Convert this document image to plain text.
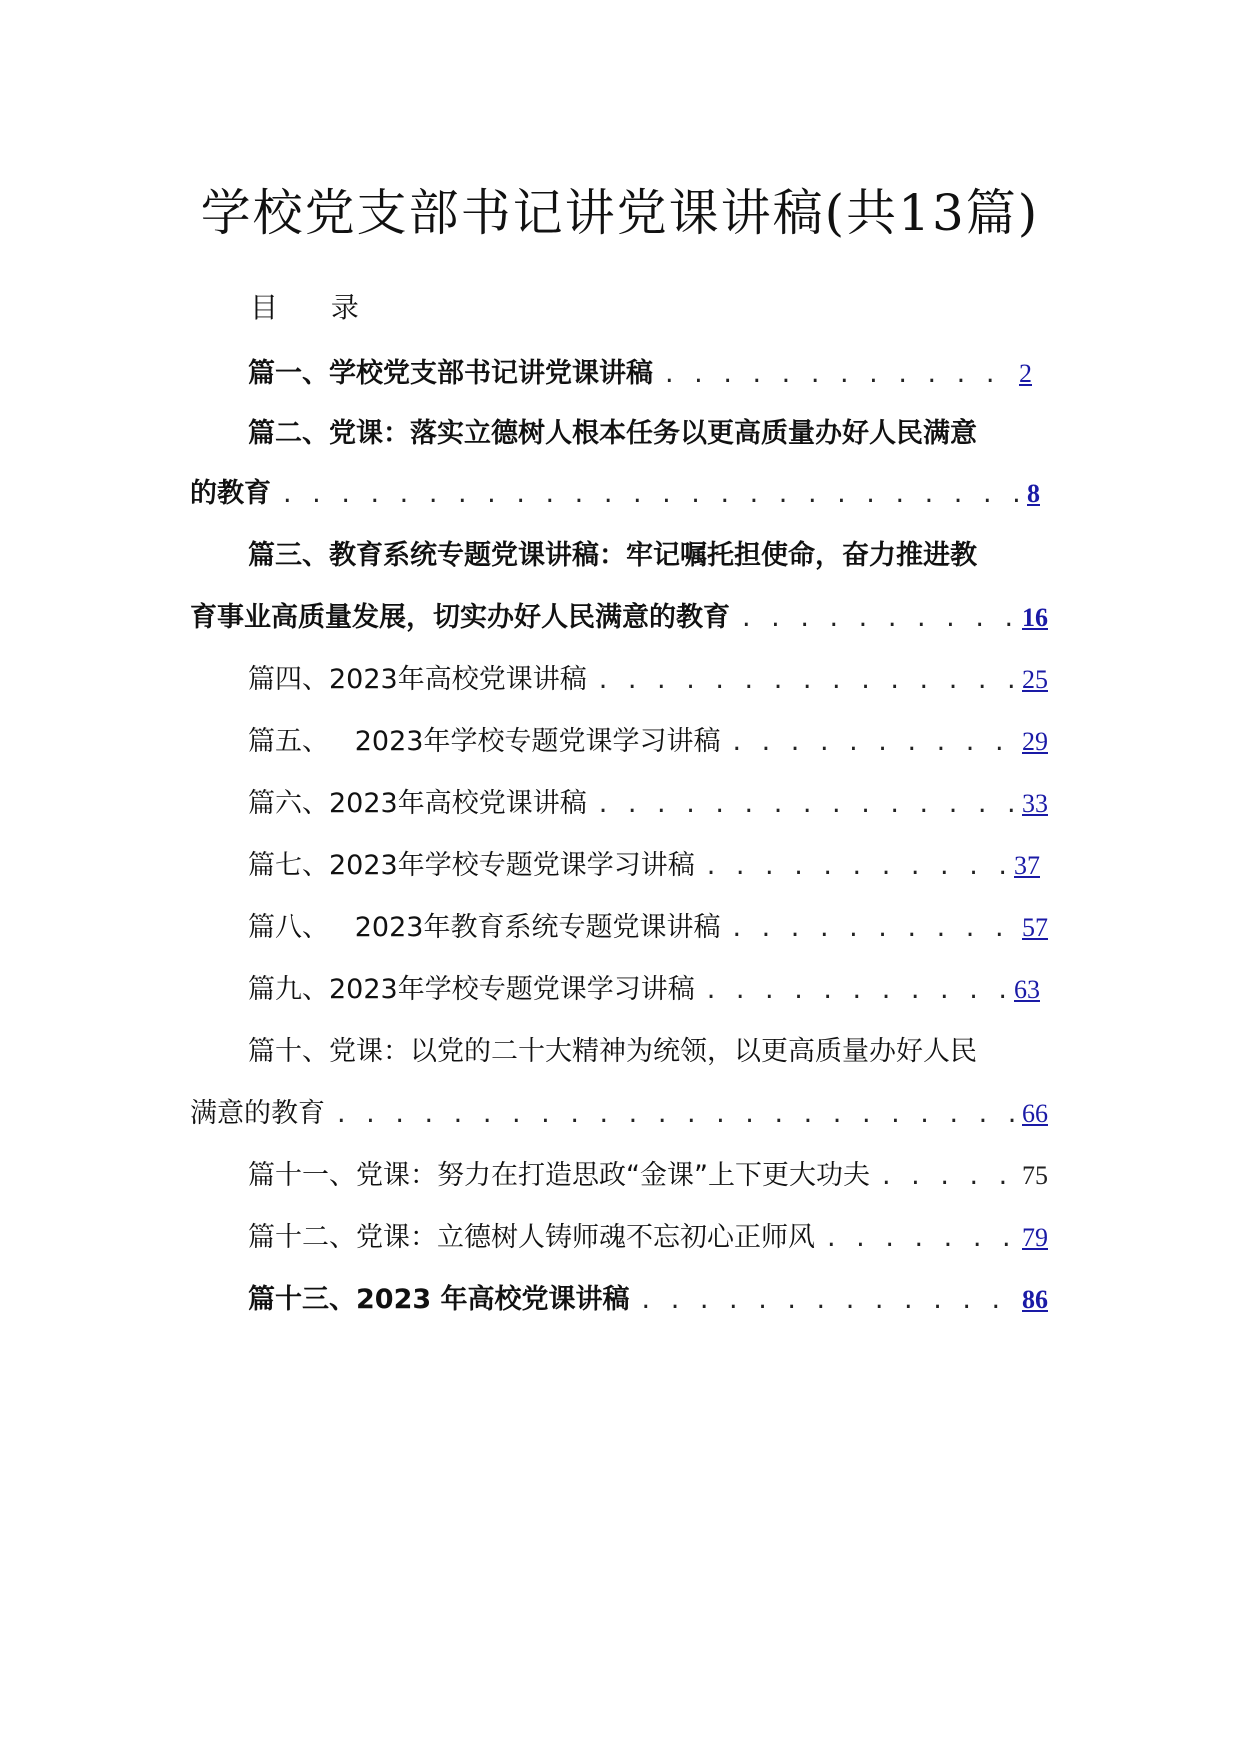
学校党支部书记讲党课讲稿(共13篇)
目 录
篇一、学校党支部书记讲党课讲稿 . . .	2
篇二、党课：落实立德树人根本任务以更高质量办好人民满意
的教育 . . .	8
篇三、教育系统专题党课讲稿：牢记嘱托担使命，奋力推进教
育事业高质量发展，切实办好人民满意的教育 . . .	16
篇四、2023年高校党课讲稿 . . .	25
篇五、   2023年学校专题党课学习讲稿 . . .	29
篇六、2023年高校党课讲稿 . . .	33
篇七、2023年学校专题党课学习讲稿 . . .	37
篇八、   2023年教育系统专题党课讲稿 . . .	57
篇九、2023年学校专题党课学习讲稿 . . .	63
篇十、党课：以党的二十大精神为统领，以更高质量办好人民
满意的教育 . . .	66
篇十一、党课：努力在打造思政“金课”上下更大功夫 . . .	75
篇十二、党课：立德树人铸师魂不忘初心正师风 . . .	79
篇十三、2023 年高校党课讲稿 . . .	86
